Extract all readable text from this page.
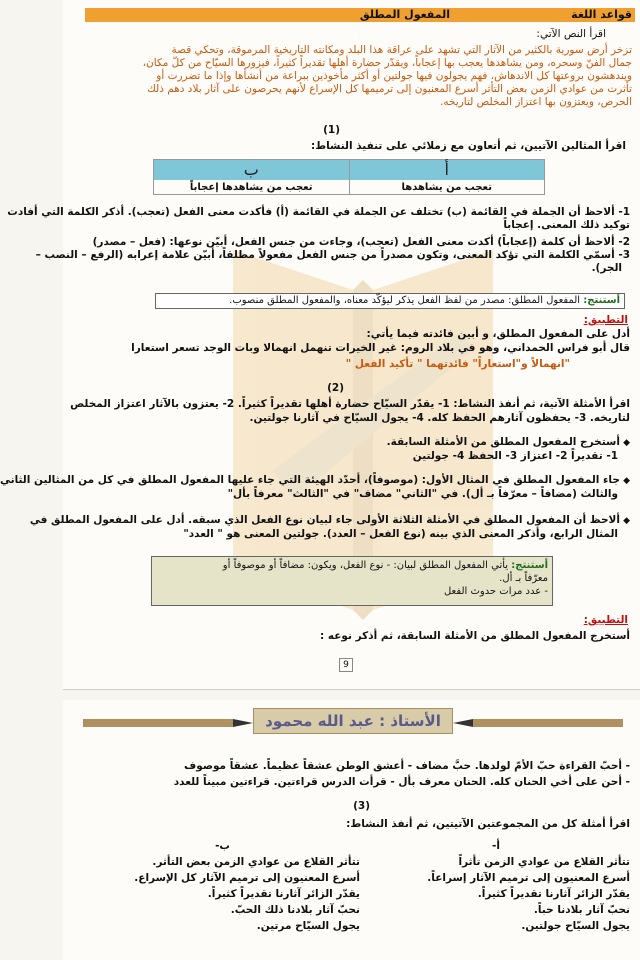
قواعد اللغة
المفعول المطلق
اقرأ النص الآتي:
تزخر أرض سورية بالكثير من الآثار التي تشهد على عراقة هذا البلد ومكانته التاريخية المرموقة، وتحكي قصة
جمال الفنّ وسحره، ومن يشاهدها يعجب بها إعجاباً، ويقدّر حضارة أهلها تقديراً كثيراً، فيزورها السيّاح من كلّ مكان،
ويندهشون بروعتها كل الاندهاش، فهم يجولون فيها جولتين أو أكثر مأخوذين ببراعة من أنشأها وإذا ما تضررت أو
تأثرت من عوادي الزمن بعض التأثر أسرع المعنيون إلى ترميمها كل الإسراع لأنهم يحرصون على آثار بلاد دهم ذلك
الحرص، ويعتزون بها اعتزاز المخلص لتاريخه.
(1)
اقرأ المثالين الآتيين، ثم أتعاون مع زملائي على تنفيذ النشاط:
أ
ب
تعجب من يشاهدها
تعجب من يشاهدها إعجاباً
1- ألاحظ أن الجملة في القائمة (ب) تختلف عن الجملة في القائمة (أ) فأكدت معنى الفعل (تعجب). أذكر الكلمة التي أفادت
توكيد ذلك المعنى. إعجاباً
2- ألاحظ أن كلمة (إعجاباً) أكدت معنى الفعل (تعجب)، وجاءت من جنس الفعل، أبيّن نوعها: (فعل – مصدر)
3- أسمّي الكلمة التي تؤكد المعنى، وتكون مصدراً من جنس الفعل مفعولاً مطلقاً، أبيّن علامة إعرابه (الرفع – النصب –
الجر).
أستنتج: المفعول المطلق: مصدر من لفظ الفعل يذكر ليؤكّد معناه، والمفعول المطلق منصوب.
التطبيق:
أدل على المفعول المطلق، و أبين فائدته فيما يأتي:
قال أبو فراس الحمداني، وهو في بلاد الروم: غير الخيرات تنهمل انهمالا وبات الوجد تسعر استعارا
"انهمالاً و"استعاراً" فائدتهما " تأكيد الفعل "
(2)
اقرأ الأمثلة الآتية، ثم أنفذ النشاط: 1- يقدّر السيّاح حضارة أهلها تقديراً كثيراً. 2- يعتزون بالآثار اعتزاز المخلص
لتاريخه. 3- يحفظون آثارهم الحفظ كله. 4- يجول السيّاح في آثارنا جولتين.
◆ أستخرج المفعول المطلق من الأمثلة السابقة.
1- تقديراً 2- اعتزاز 3- الحفظ 4- جولتين
◆ جاء المفعول المطلق في المثال الأول: (موصوفاً)، أحدّد الهيئة التي جاء عليها المفعول المطلق في كل من المثالين الثاني
والثالث (مضافاً – معرّفاً بـ أل). في "الثاني" مضاف" في "الثالث" معرفاً بأل"
◆ ألاحظ أن المفعول المطلق في الأمثلة الثلاثة الأولى جاء لبيان نوع الفعل الذي سبقه. أدل على المفعول المطلق في
المثال الرابع، وأذكر المعنى الذي بينه (نوع الفعل – العدد). جولتين المعنى هو " العدد"
أستنتج: يأتي المفعول المطلق لبيان: - نوع الفعل، ويكون: مضافاً أو موصوفاً أو
معرّفاً بـ أل.
- عدد مرات حدوث الفعل
التطبيق:
أستخرج المفعول المطلق من الأمثلة السابقة، ثم أذكر نوعه :
9
الأستاذ : عبد الله محمود
- أحبّ القراءة حبّ الأمّ لولدها. حبَّ مضاف - أعشق الوطن عشقاً عظيماً. عشقاً موصوف
- أحن على أخي الحنان كله. الحنان معرف بأل - قرأت الدرس قراءتين. قراءتين مبيناً للعدد
(3)
اقرأ أمثلة كل من المجموعتين الآتيتين، ثم أنفذ النشاط:
أ-
ب-
تتأثر القلاع من عوادي الزمن تأثراً
أسرع المعنيون إلى ترميم الآثار إسراعاً.
يقدّر الزائر آثارنا تقديراً كثيراً.
نحبّ آثار بلادنا حباً.
يجول السيّاح جولتين.
تتأثر القلاع من عوادي الزمن بعض التأثر.
أسرع المعنيون إلى ترميم الآثار كل الإسراع.
يقدّر الزائر آثارنا تقديراً كثيراً.
نحبّ آثار بلادنا ذلك الحبّ.
يجول السيّاح مرتين.
